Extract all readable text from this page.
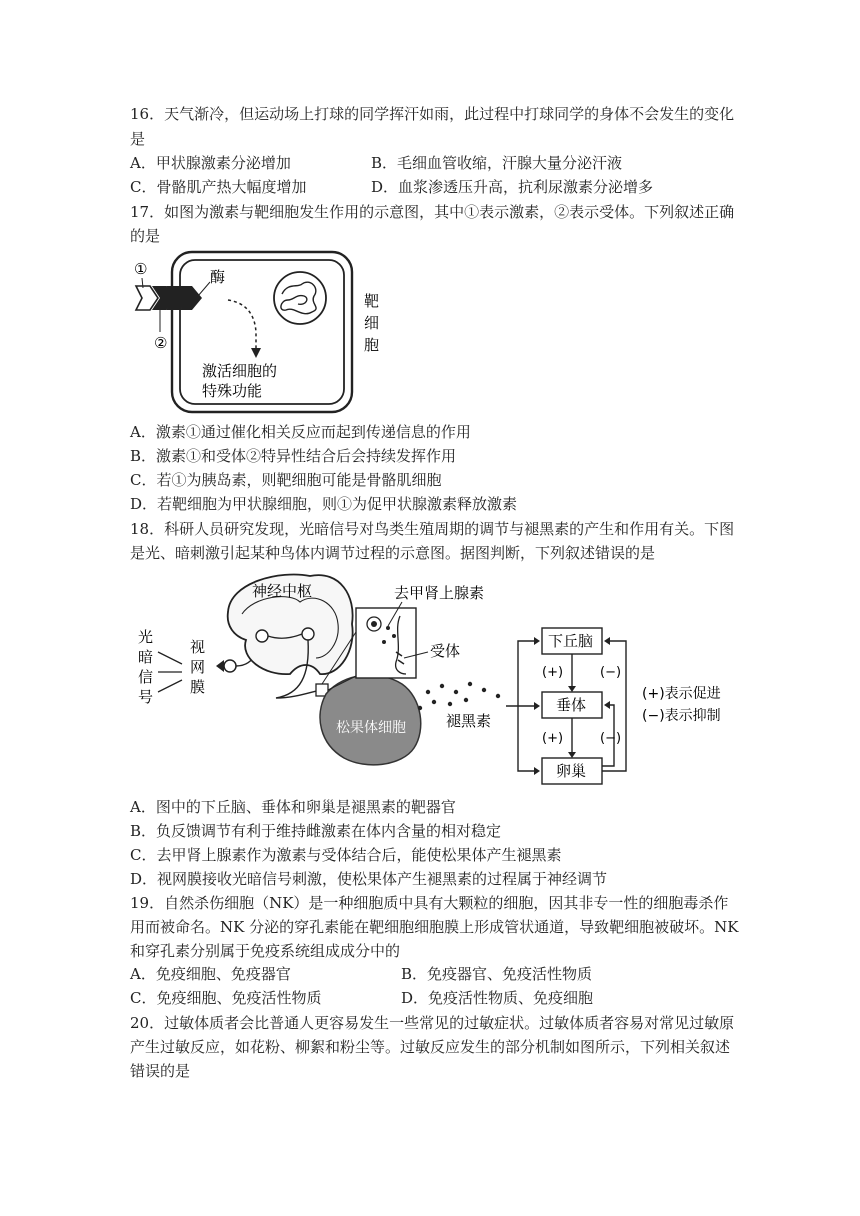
16．天气渐冷，但运动场上打球的同学挥汗如雨，此过程中打球同学的身体不会发生的变化
是
A．甲状腺激素分泌增加	B．毛细血管收缩，汗腺大量分泌汗液
C．骨骼肌产热大幅度增加	D．血浆渗透压升高，抗利尿激素分泌增多
17．如图为激素与靶细胞发生作用的示意图，其中①表示激素，②表示受体。下列叙述正确
的是
①
②
酶
靶
细
胞
激活细胞的
特殊功能
A．激素①通过催化相关反应而起到传递信息的作用
B．激素①和受体②特异性结合后会持续发挥作用
C．若①为胰岛素，则靶细胞可能是骨骼肌细胞
D．若靶细胞为甲状腺细胞，则①为促甲状腺激素释放激素
18．科研人员研究发现，光暗信号对鸟类生殖周期的调节与褪黑素的产生和作用有关。下图
是光、暗刺激引起某种鸟体内调节过程的示意图。据图判断，下列叙述错误的是
光
暗
信
号
视
网
膜
神经中枢
松果体细胞
去甲肾上腺素
受体
褪黑素
下丘脑
垂体
卵巢
(+)
(+)
(−)
(−)
(+)表示促进
(−)表示抑制
A．图中的下丘脑、垂体和卵巢是褪黑素的靶器官
B．负反馈调节有利于维持雌激素在体内含量的相对稳定
C．去甲肾上腺素作为激素与受体结合后，能使松果体产生褪黑素
D．视网膜接收光暗信号刺激，使松果体产生褪黑素的过程属于神经调节
19．自然杀伤细胞（NK）是一种细胞质中具有大颗粒的细胞，因其非专一性的细胞毒杀作
用而被命名。NK 分泌的穿孔素能在靶细胞细胞膜上形成管状通道，导致靶细胞被破坏。NK
和穿孔素分别属于免疫系统组成成分中的
A．免疫细胞、免疫器官	B．免疫器官、免疫活性物质
C．免疫细胞、免疫活性物质	D．免疫活性物质、免疫细胞
20．过敏体质者会比普通人更容易发生一些常见的过敏症状。过敏体质者容易对常见过敏原
产生过敏反应，如花粉、柳絮和粉尘等。过敏反应发生的部分机制如图所示，下列相关叙述
错误的是
